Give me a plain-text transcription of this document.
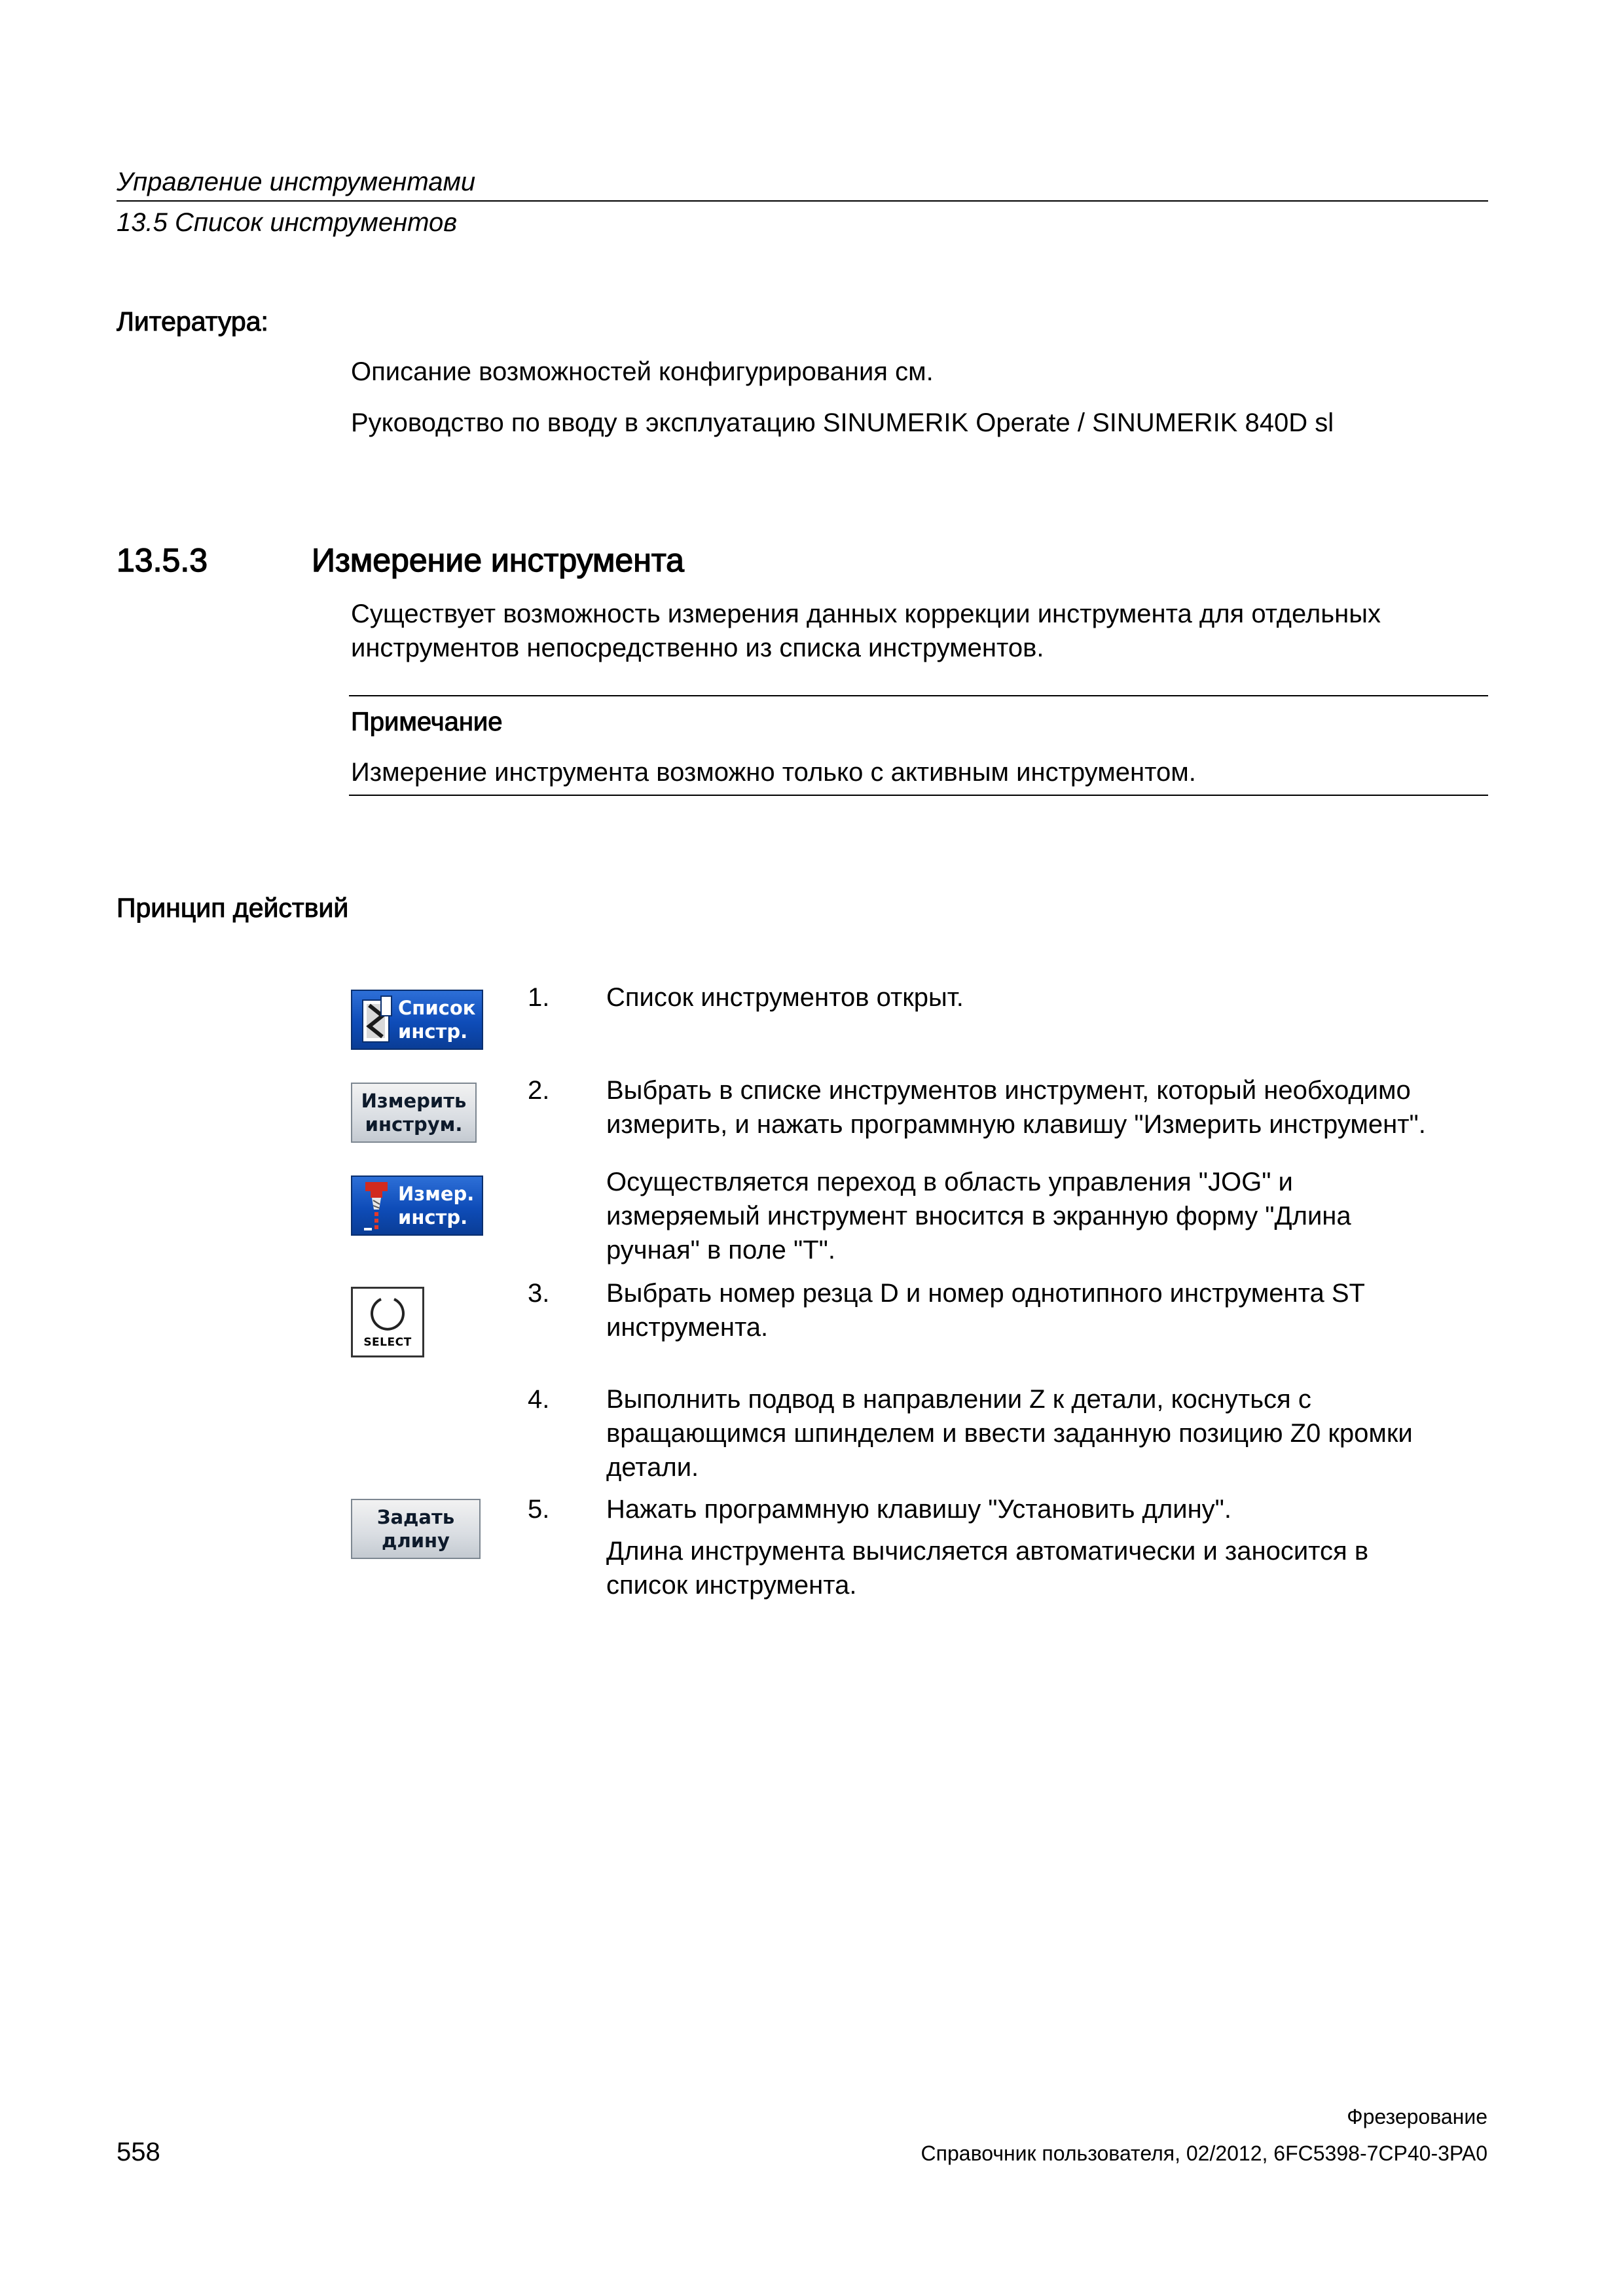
Управление инструментами
13.5 Список инструментов
Литература:
Описание возможностей конфигурирования см.
Руководство по вводу в эксплуатацию SINUMERIK Operate / SINUMERIK 840D sl
13.5.3	Измерение инструмента
Существует возможность измерения данных коррекции инструмента для отдельных
инструментов непосредственно из списка инструментов.
Примечание
Измерение инструмента возможно только с активным инструментом.
Принцип действий
Список
инстр.
Измерить
инструм.
Измер.
инстр.
SELECT
Задать
длину
1.	Список инструментов открыт.
2.	Выбрать в списке инструментов инструмент, который необходимо
измерить, и нажать программную клавишу "Измерить инструмент".
Осуществляется переход в область управления "JOG" и
измеряемый инструмент вносится в экранную форму "Длина
ручная" в поле "Т".
3.	Выбрать номер резца D и номер однотипного инструмента ST
инструмента.
4.	Выполнить подвод в направлении Z к детали, коснуться с
вращающимся шпинделем и ввести заданную позицию Z0 кромки
детали.
5.	Нажать программную клавишу "Установить длину".
Длина инструмента вычисляется автоматически и заносится в
список инструмента.
Фрезерование
558	Справочник пользователя, 02/2012, 6FC5398-7CP40-3PA0
